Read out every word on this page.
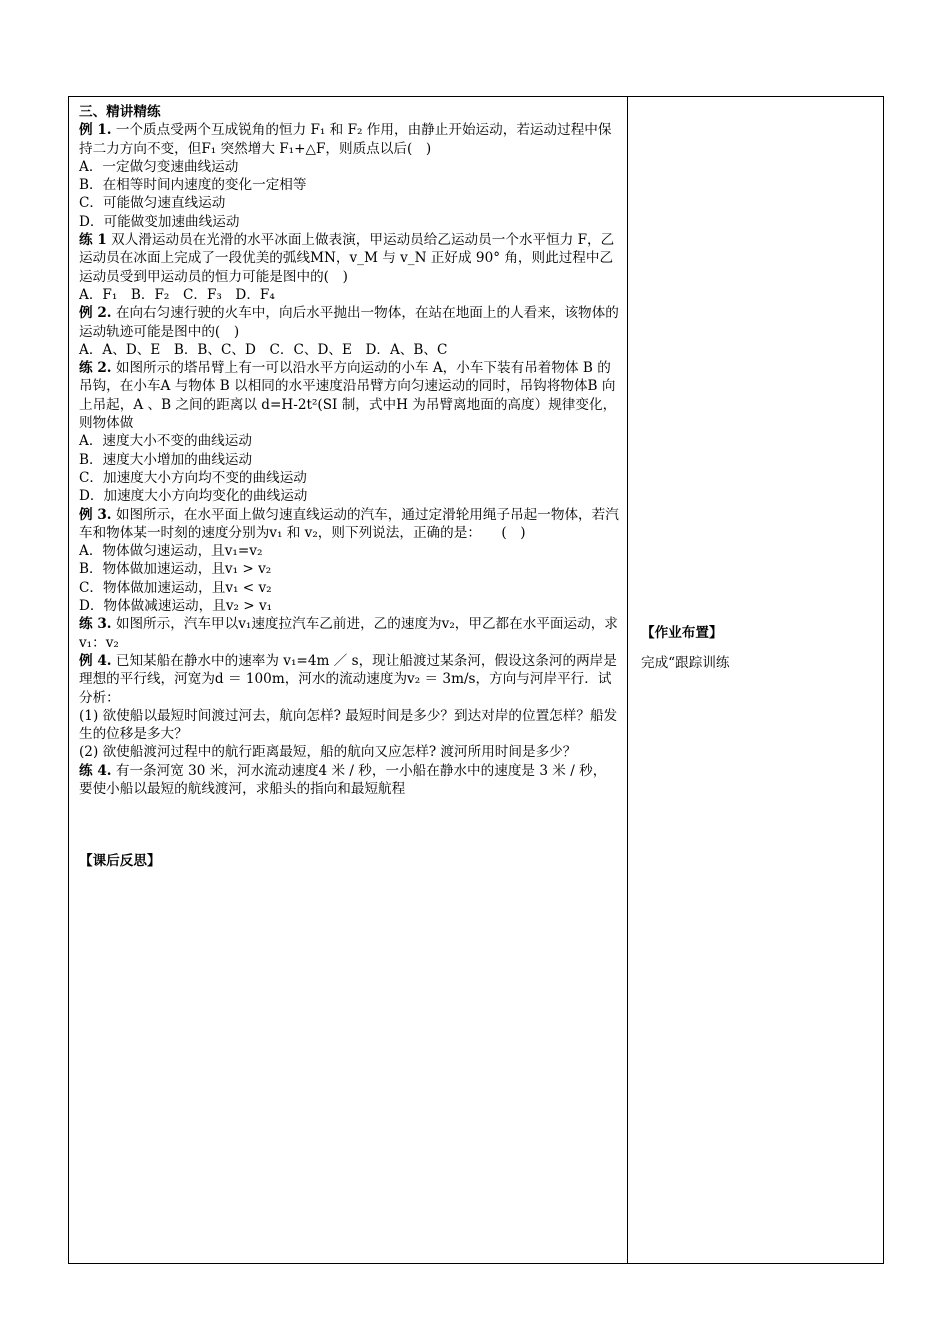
三、精讲精练

例 1. 一个质点受两个互成锐角的恒力 F₁ 和 F₂ 作用，由静止开始运动，若运动过程中保持二力方向不变，但F₁ 突然增大 F₁+△F，则质点以后(　)

A．一定做匀变速曲线运动

B．在相等时间内速度的变化一定相等

C．可能做匀速直线运动

D．可能做变加速曲线运动

练 1 双人滑运动员在光滑的水平冰面上做表演，甲运动员给乙运动员一个水平恒力 F，乙运动员在冰面上完成了一段优美的弧线MN，v_M 与 v_N 正好成 90° 角，则此过程中乙运动员受到甲运动员的恒力可能是图中的(　)

A．F₁　B．F₂　C．F₃　D．F₄

例 2. 在向右匀速行驶的火车中，向后水平抛出一物体，在站在地面上的人看来，该物体的运动轨迹可能是图中的(　)

A．A、D、E　B．B、C、D　C．C、D、E　D．A、B、C

练 2. 如图所示的塔吊臂上有一可以沿水平方向运动的小车 A，小车下装有吊着物体 B 的吊钩，在小车A 与物体 B 以相同的水平速度沿吊臂方向匀速运动的同时，吊钩将物体B 向上吊起，A 、B 之间的距离以 d=H-2t²(SI 制，式中H 为吊臂离地面的高度）规律变化，则物体做

A．速度大小不变的曲线运动

B．速度大小增加的曲线运动

C．加速度大小方向均不变的曲线运动

D．加速度大小方向均变化的曲线运动

例 3. 如图所示，在水平面上做匀速直线运动的汽车，通过定滑轮用绳子吊起一物体，若汽车和物体某一时刻的速度分别为v₁ 和 v₂，则下列说法，正确的是：　　(　)

A．物体做匀速运动，且v₁=v₂

B．物体做加速运动，且v₁ > v₂

C．物体做加速运动，且v₁ < v₂

D．物体做减速运动，且v₂ > v₁

练 3. 如图所示，汽车甲以v₁速度拉汽车乙前进，乙的速度为v₂，甲乙都在水平面运动，求v₁：v₂

例 4. 已知某船在静水中的速率为 v₁=4m ／ s，现让船渡过某条河，假设这条河的两岸是理想的平行线，河宽为d ＝ 100m，河水的流动速度为v₂ ＝ 3m/s，方向与河岸平行．试分析：

(1) 欲使船以最短时间渡过河去，航向怎样? 最短时间是多少？到达对岸的位置怎样？船发生的位移是多大？

(2) 欲使船渡河过程中的航行距离最短，船的航向又应怎样? 渡河所用时间是多少？

练 4. 有一条河宽 30 米，河水流动速度4 米 / 秒，一小船在静水中的速度是 3 米 / 秒，要使小船以最短的航线渡河，求船头的指向和最短航程

【课后反思】

【作业布置】

完成“跟踪训练
